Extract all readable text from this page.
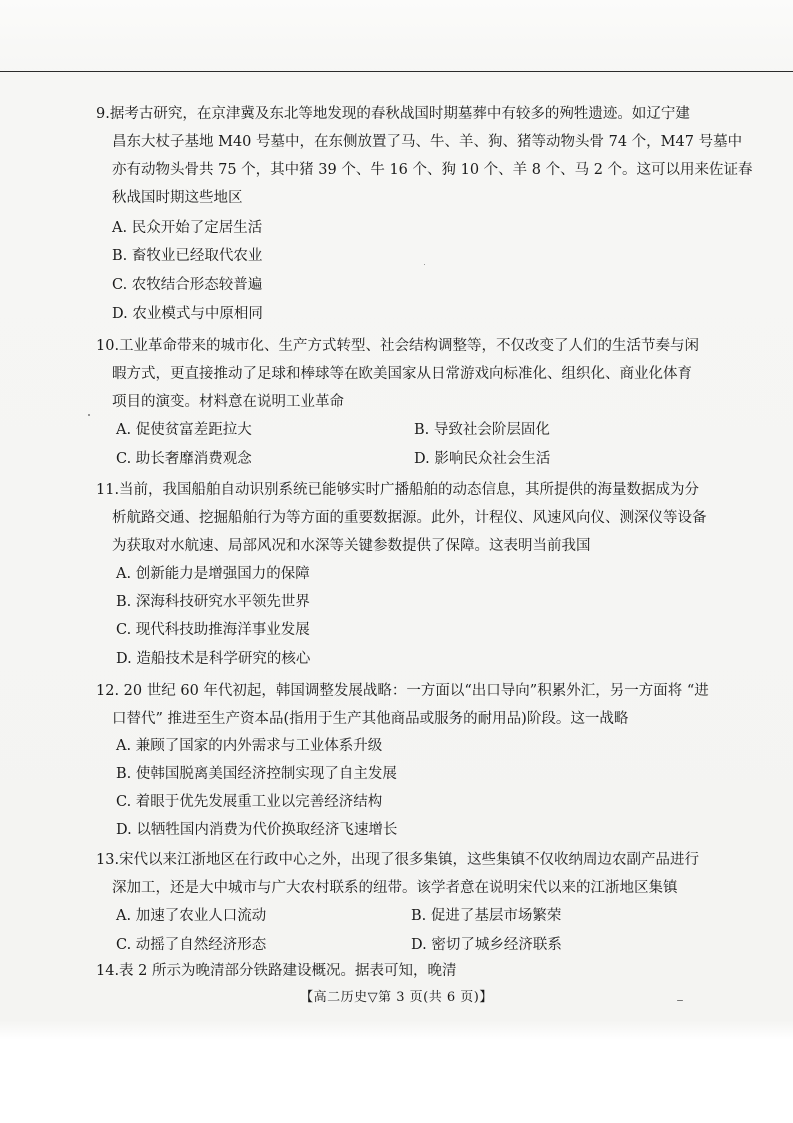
9.据考古研究，在京津冀及东北等地发现的春秋战国时期墓葬中有较多的殉牲遗迹。如辽宁建
昌东大杖子基地 M40 号墓中，在东侧放置了马、牛、羊、狗、猪等动物头骨 74 个，M47 号墓中
亦有动物头骨共 75 个，其中猪 39 个、牛 16 个、狗 10 个、羊 8 个、马 2 个。这可以用来佐证春
秋战国时期这些地区
A. 民众开始了定居生活
B. 畜牧业已经取代农业
C. 农牧结合形态较普遍
D. 农业模式与中原相同
10.工业革命带来的城市化、生产方式转型、社会结构调整等，不仅改变了人们的生活节奏与闲
暇方式，更直接推动了足球和棒球等在欧美国家从日常游戏向标准化、组织化、商业化体育
项目的演变。材料意在说明工业革命
A. 促使贫富差距拉大	B. 导致社会阶层固化
C. 助长奢靡消费观念	D. 影响民众社会生活
11.当前，我国船舶自动识别系统已能够实时广播船舶的动态信息，其所提供的海量数据成为分
析航路交通、挖掘船舶行为等方面的重要数据源。此外，计程仪、风速风向仪、测深仪等设备
为获取对水航速、局部风况和水深等关键参数提供了保障。这表明当前我国
A. 创新能力是增强国力的保障
B. 深海科技研究水平领先世界
C. 现代科技助推海洋事业发展
D. 造船技术是科学研究的核心
12. 20 世纪 60 年代初起，韩国调整发展战略：一方面以“出口导向”积累外汇，另一方面将 “进
口替代” 推进至生产资本品(指用于生产其他商品或服务的耐用品)阶段。这一战略
A. 兼顾了国家的内外需求与工业体系升级
B. 使韩国脱离美国经济控制实现了自主发展
C. 着眼于优先发展重工业以完善经济结构
D. 以牺牲国内消费为代价换取经济飞速增长
13.宋代以来江浙地区在行政中心之外，出现了很多集镇，这些集镇不仅收纳周边农副产品进行
深加工，还是大中城市与广大农村联系的纽带。该学者意在说明宋代以来的江浙地区集镇
A. 加速了农业人口流动	B. 促进了基层市场繁荣
C. 动摇了自然经济形态	D. 密切了城乡经济联系
14.表 2 所示为晚清部分铁路建设概况。据表可知，晚清
【高二历史▽第 3 页(共 6 页)】
